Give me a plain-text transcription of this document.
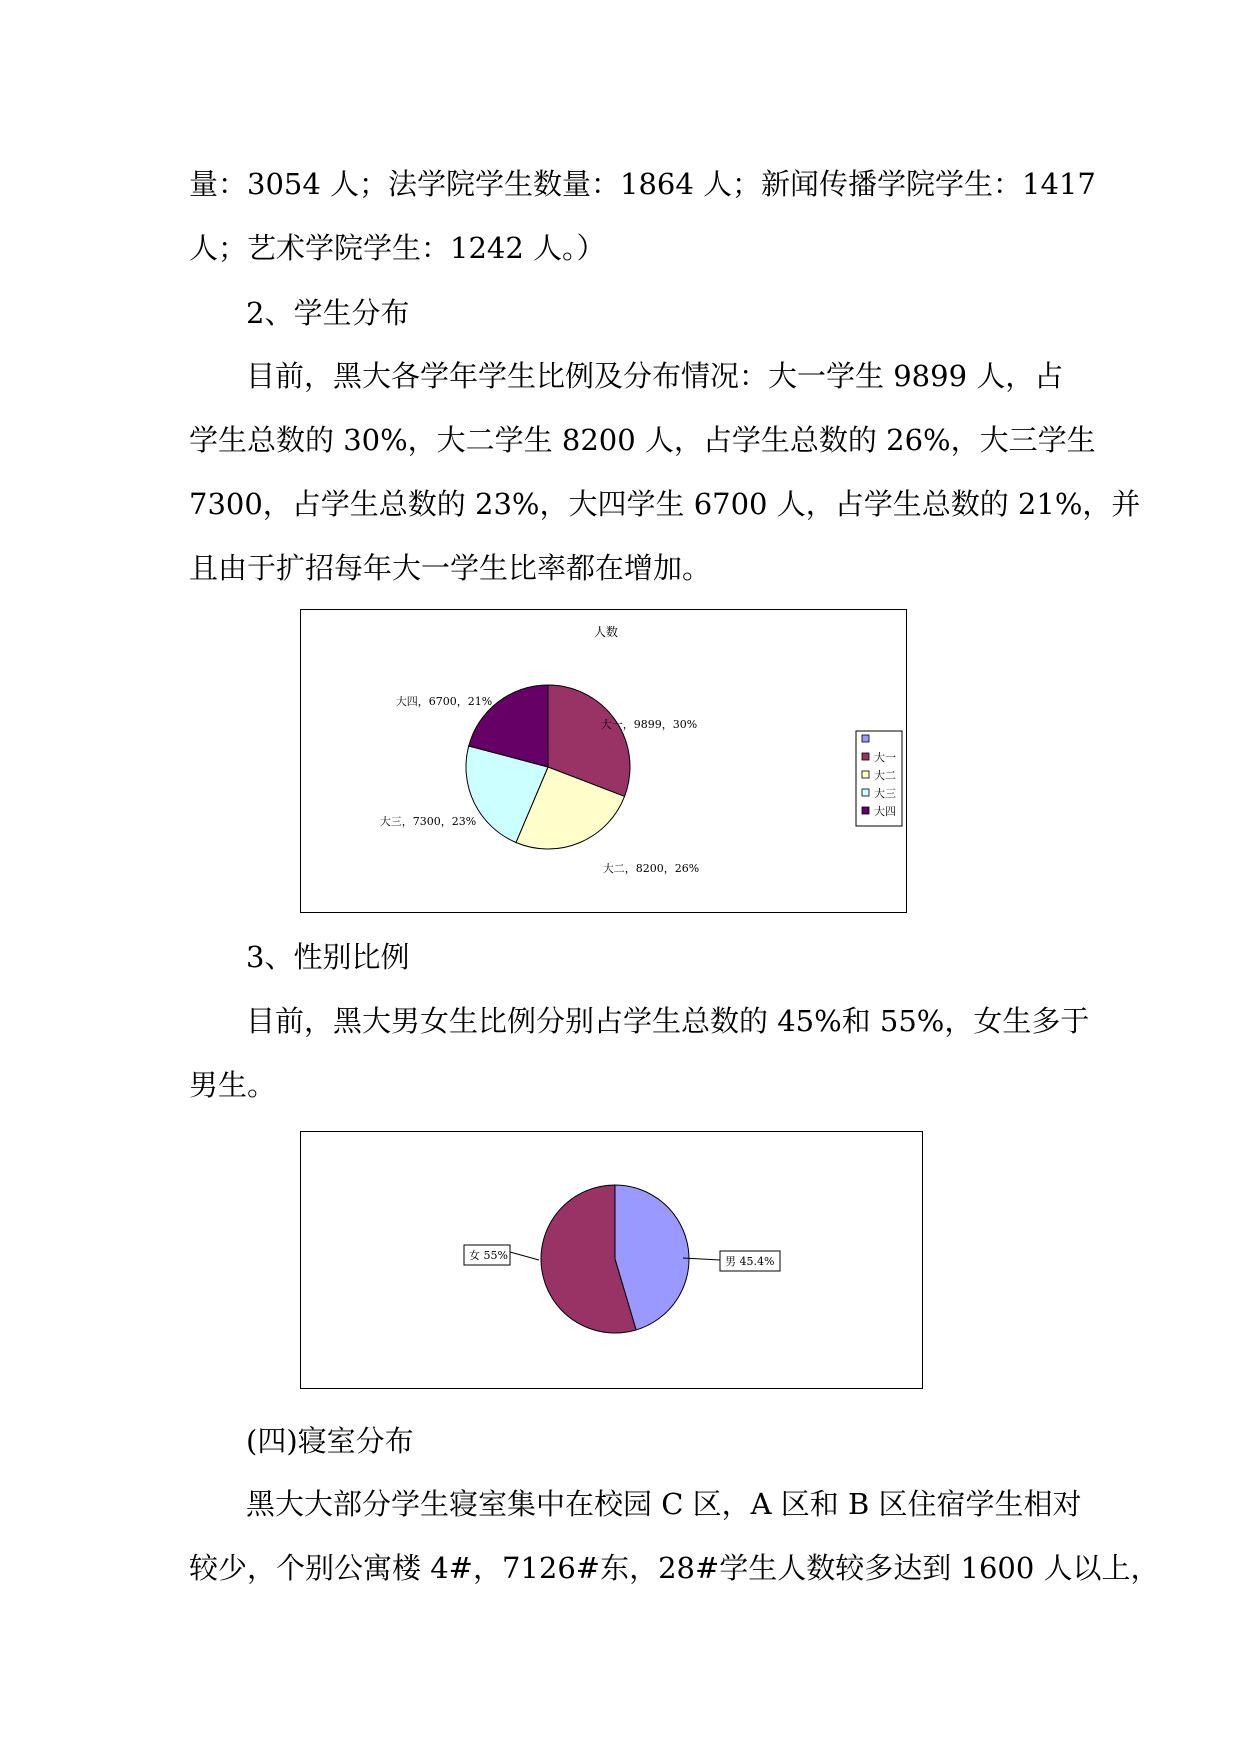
量：3054 人；法学院学生数量：1864 人；新闻传播学院学生：1417
人；艺术学院学生：1242 人。）
2、学生分布
目前，黑大各学年学生比例及分布情况：大一学生 9899 人，占
学生总数的 30%，大二学生 8200 人，占学生总数的 26%，大三学生
7300，占学生总数的 23%，大四学生 6700 人，占学生总数的 21%，并
且由于扩招每年大一学生比率都在增加。
人数
大一，9899，30%
大二，8200，26%
大三，7300，23%
大四，6700，21%
大一
大二
大三
大四
3、性别比例
目前，黑大男女生比例分别占学生总数的 45%和 55%，女生多于
男生。
男 45.4%
女 55%
(四)寝室分布
黑大大部分学生寝室集中在校园 C 区，A 区和 B 区住宿学生相对
较少，个别公寓楼 4#，7126#东，28#学生人数较多达到 1600 人以上，
